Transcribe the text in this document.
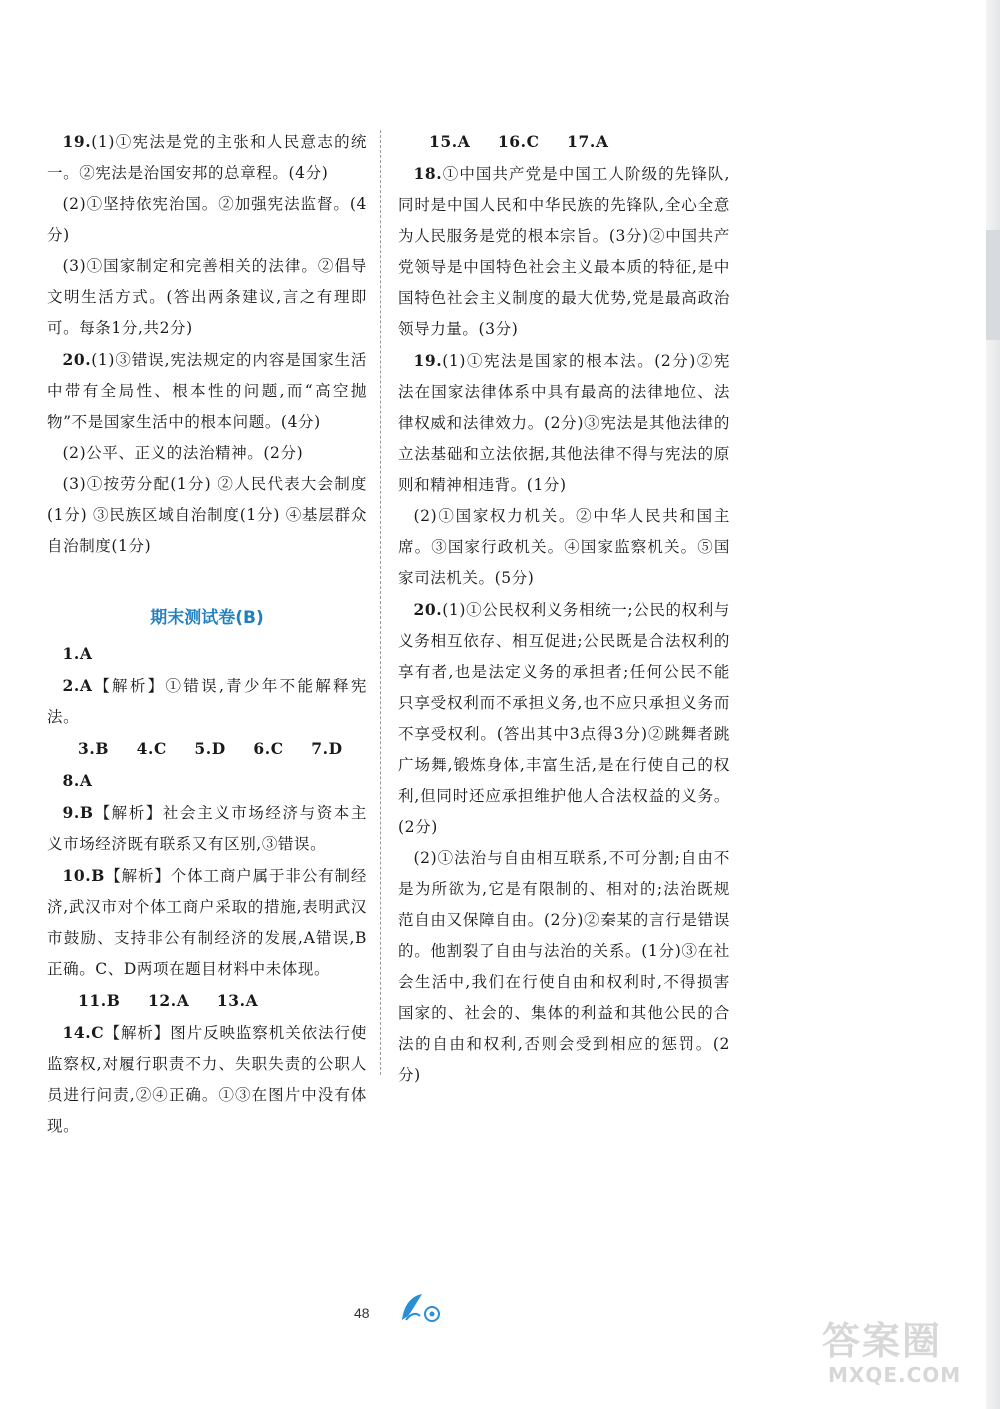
19.(1)①宪法是党的主张和人民意志的统一。②宪法是治国安邦的总章程。(4分)

(2)①坚持依宪治国。②加强宪法监督。(4分)

(3)①国家制定和完善相关的法律。②倡导文明生活方式。(答出两条建议,言之有理即可。每条1分,共2分)

20.(1)③错误,宪法规定的内容是国家生活中带有全局性、根本性的问题,而“高空抛物”不是国家生活中的根本问题。(4分)

(2)公平、正义的法治精神。(2分)

(3)①按劳分配(1分) ②人民代表大会制度(1分) ③民族区域自治制度(1分) ④基层群众自治制度(1分)

期末测试卷(B)

1.A

2.A【解析】①错误,青少年不能解释宪法。

3.B 4.C 5.D 6.C 7.D8.A

9.B【解析】社会主义市场经济与资本主义市场经济既有联系又有区别,③错误。

10.B【解析】个体工商户属于非公有制经济,武汉市对个体工商户采取的措施,表明武汉市鼓励、支持非公有制经济的发展,A错误,B正确。C、D两项在题目材料中未体现。

11.B 12.A 13.A

14.C【解析】图片反映监察机关依法行使监察权,对履行职责不力、失职失责的公职人员进行问责,②④正确。①③在图片中没有体现。

15.A 16.C 17.A

18.①中国共产党是中国工人阶级的先锋队,同时是中国人民和中华民族的先锋队,全心全意为人民服务是党的根本宗旨。(3分)②中国共产党领导是中国特色社会主义最本质的特征,是中国特色社会主义制度的最大优势,党是最高政治领导力量。(3分)

19.(1)①宪法是国家的根本法。(2分)②宪法在国家法律体系中具有最高的法律地位、法律权威和法律效力。(2分)③宪法是其他法律的立法基础和立法依据,其他法律不得与宪法的原则和精神相违背。(1分)

(2)①国家权力机关。②中华人民共和国主席。③国家行政机关。④国家监察机关。⑤国家司法机关。(5分)

20.(1)①公民权利义务相统一;公民的权利与义务相互依存、相互促进;公民既是合法权利的享有者,也是法定义务的承担者;任何公民不能只享受权利而不承担义务,也不应只承担义务而不享受权利。(答出其中3点得3分)②跳舞者跳广场舞,锻炼身体,丰富生活,是在行使自己的权利,但同时还应承担维护他人合法权益的义务。(2分)

(2)①法治与自由相互联系,不可分割;自由不是为所欲为,它是有限制的、相对的;法治既规范自由又保障自由。(2分)②秦某的言行是错误的。他割裂了自由与法治的关系。(1分)③在社会生活中,我们在行使自由和权利时,不得损害国家的、社会的、集体的利益和其他公民的合法的自由和权利,否则会受到相应的惩罚。(2分)

48
答案圈
MXQE.COM
